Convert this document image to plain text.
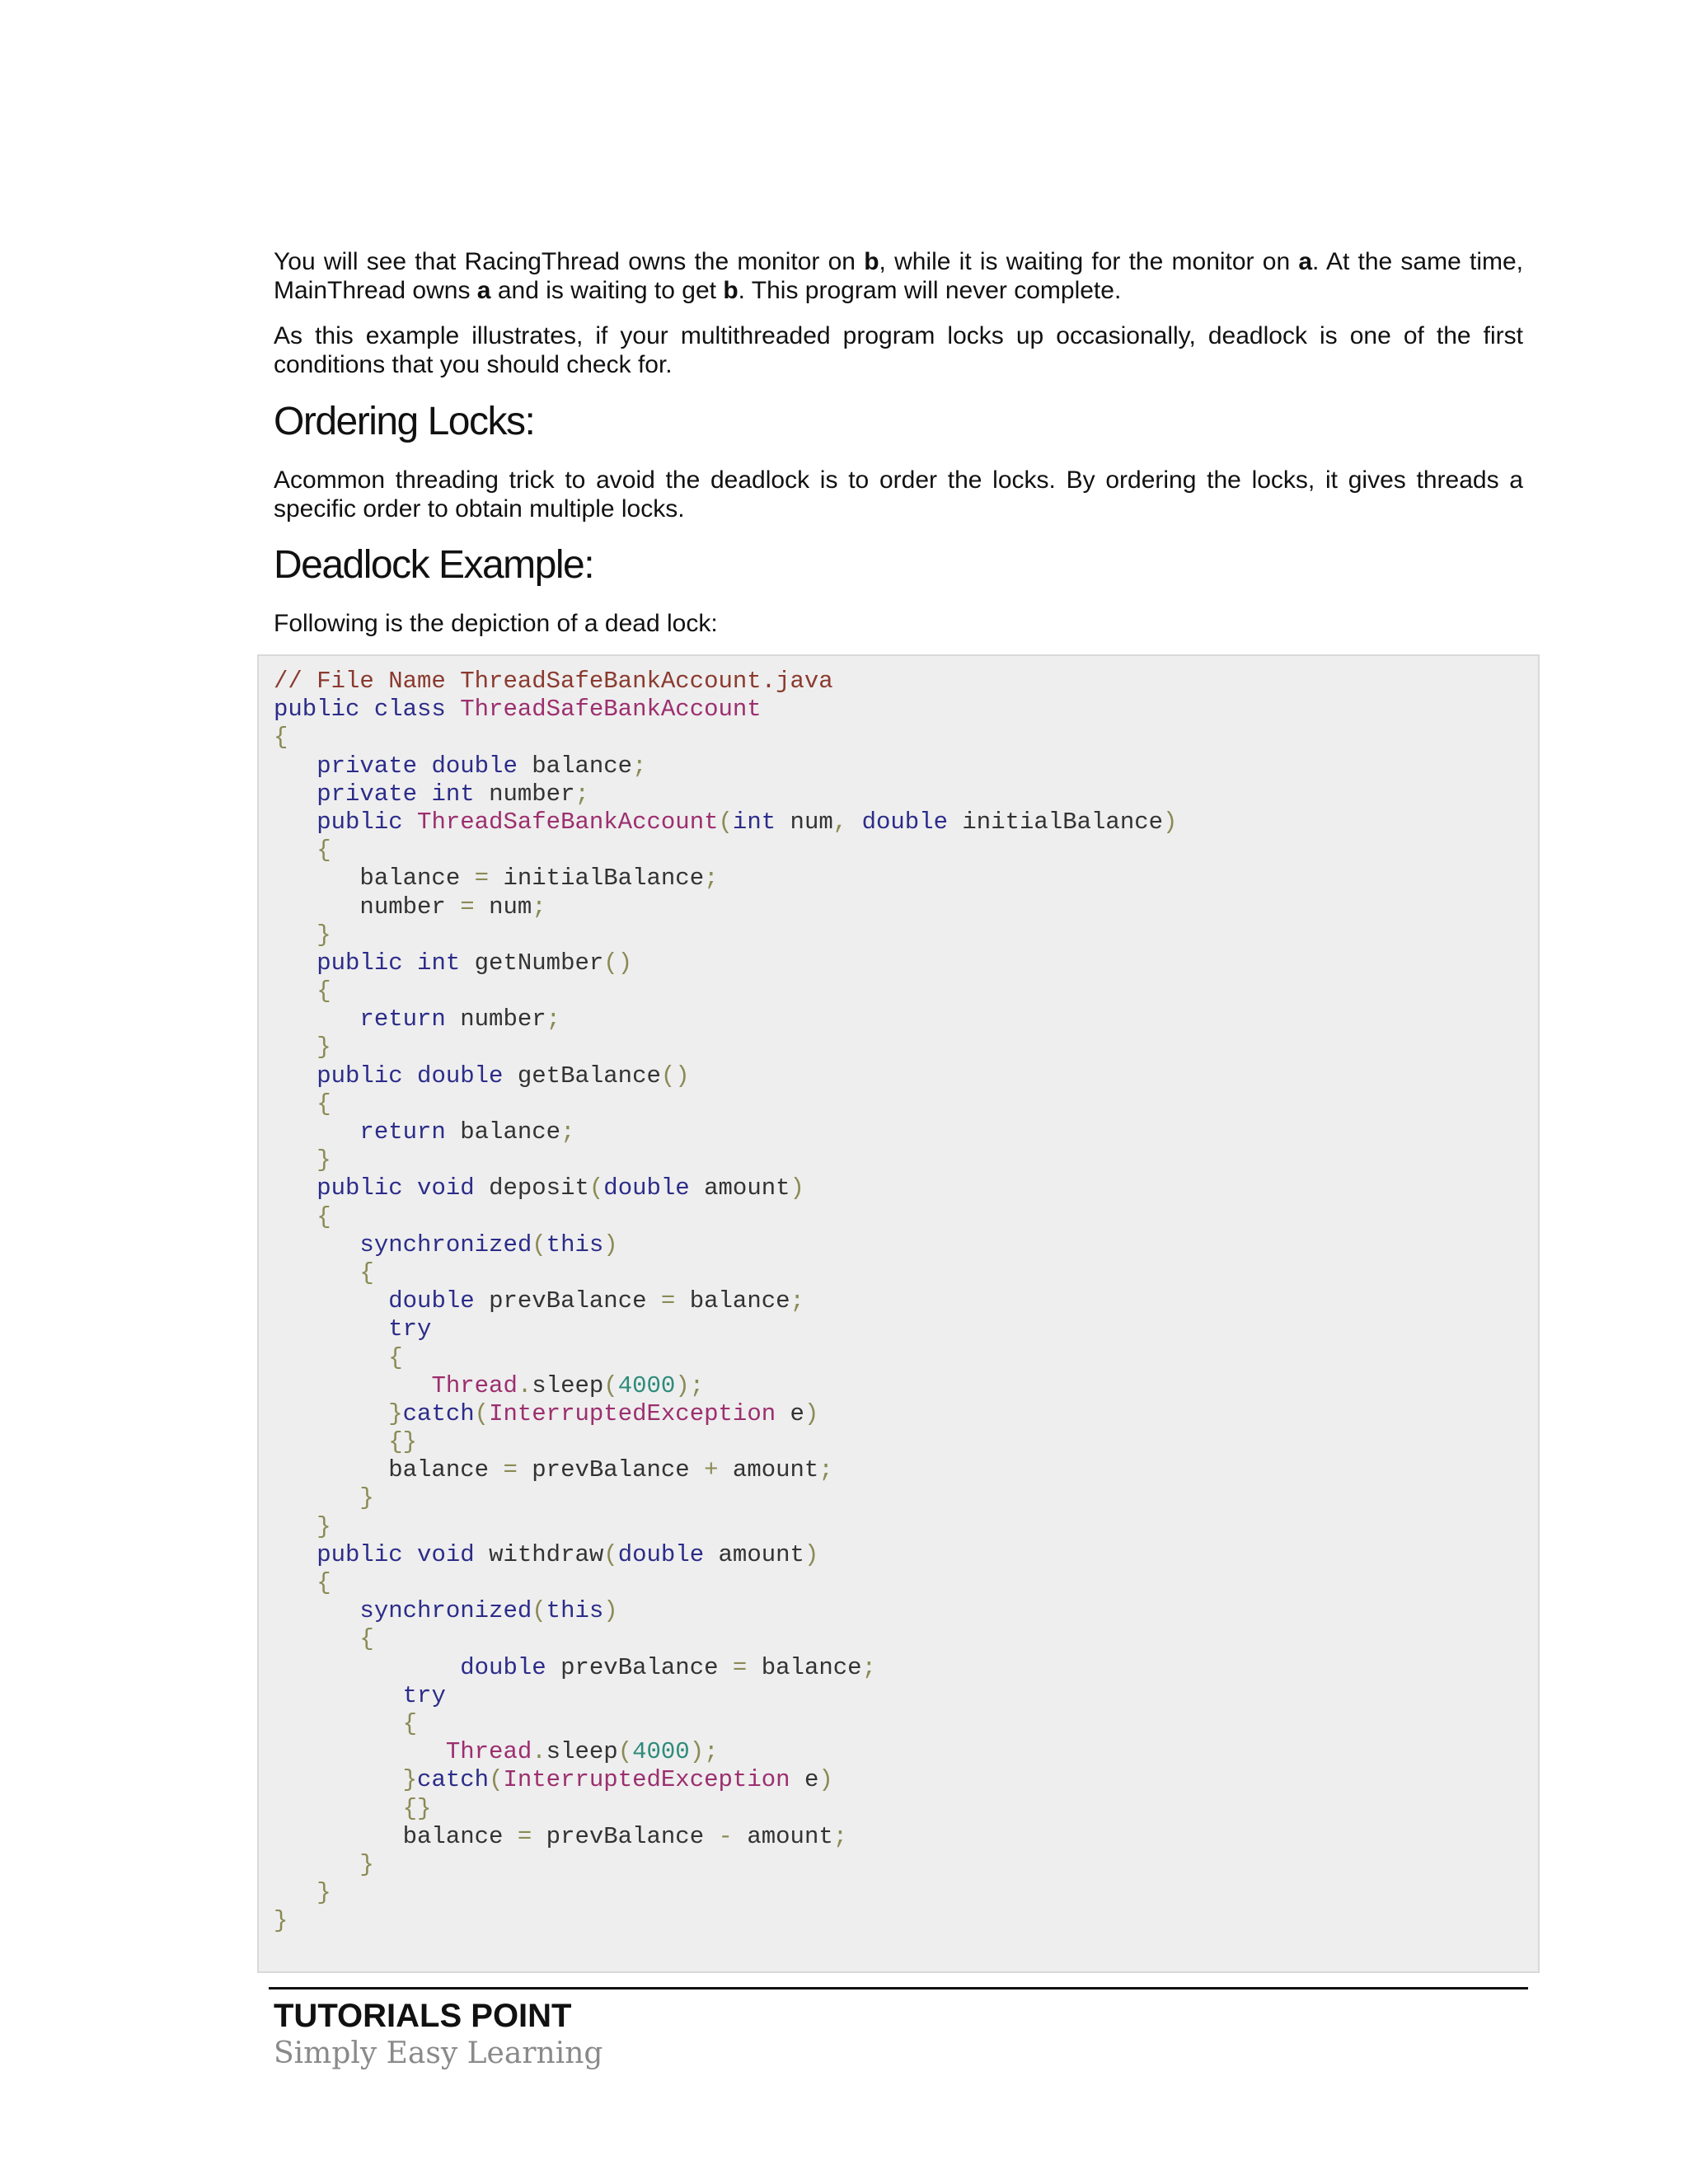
You will see that RacingThread owns the monitor on b, while it is waiting for the monitor on a. At the same time, MainThread owns a and is waiting to get b. This program will never complete.

As this example illustrates, if your multithreaded program locks up occasionally, deadlock is one of the first conditions that you should check for.

Ordering Locks:

Acommon threading trick to avoid the deadlock is to order the locks. By ordering the locks, it gives threads a specific order to obtain multiple locks.

Deadlock Example:

Following is the depiction of a dead lock:

// File Name ThreadSafeBankAccount.java
public class ThreadSafeBankAccount
{
private double balance;
private int number;
public ThreadSafeBankAccount(int num, double initialBalance)
{
balance = initialBalance;
number = num;
}
public int getNumber()
{
return number;
}
public double getBalance()
{
return balance;
}
public void deposit(double amount)
{
synchronized(this)
{
double prevBalance = balance;
try
{
Thread.sleep(4000);
}catch(InterruptedException e)
{}
balance = prevBalance + amount;
}
}
public void withdraw(double amount)
{
synchronized(this)
{
double prevBalance = balance;
try
{
Thread.sleep(4000);
}catch(InterruptedException e)
{}
balance = prevBalance - amount;
}
}
}
TUTORIALS POINT
Simply Easy Learning
